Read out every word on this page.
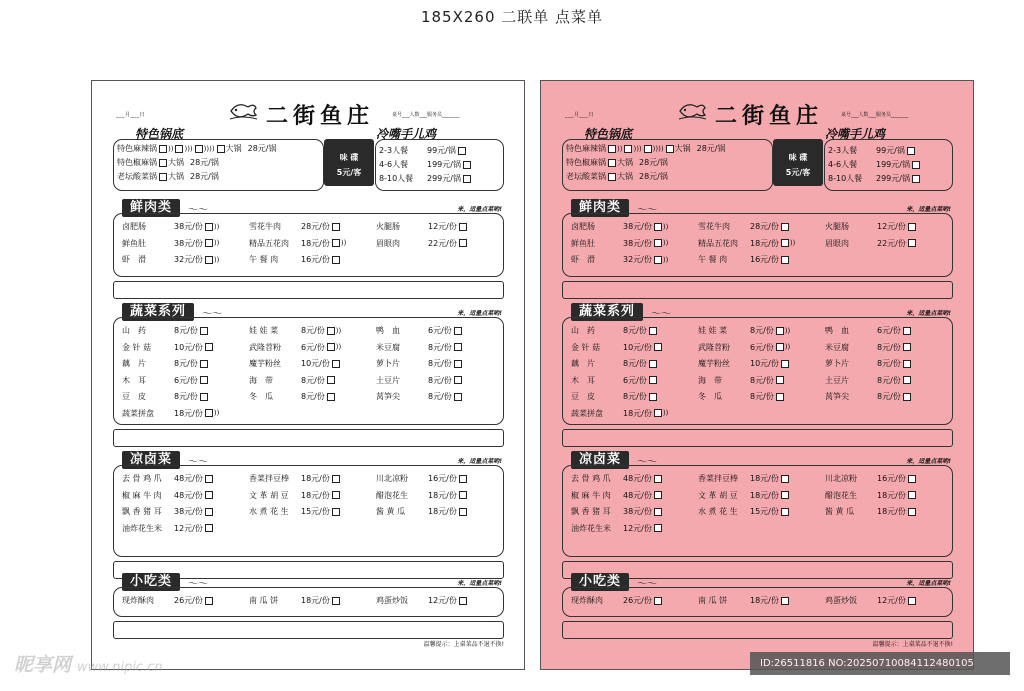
185X260 二联单 点菜单
___月___日	二街鱼庄	桌号___人数___服务员_______
特色锅底	冷嘴手儿鸡
味 碟
5元/客
特色麻辣锅 )) ))) )))) 大锅 28元/锅
特色椒麻锅 大锅 28元/锅
老坛酸菜锅 大锅 28元/锅
2-3人餐	99元/锅
4-6人餐	199元/锅
8-10人餐	299元/锅
鲜肉类	～～	来，适量点菜哟!
卤肥肠	38元/份 ))	雪花牛肉	28元/份	火腿肠	12元/份
鲜鱼肚	38元/份 ))	精品五花肉	18元/份 ))	眉眼肉	22元/份
虾　滑	32元/份 ))	午 餐 肉	16元/份
蔬菜系列	～～	来，适量点菜哟!
山　药	8元/份	娃 娃 菜	8元/份 ))	鸭　血	6元/份
金 针 菇	10元/份	武隆苕粉	6元/份 ))	米豆腐	8元/份
藕　片	8元/份	魔芋粉丝	10元/份	萝卜片	8元/份
木　耳	6元/份	海　带	8元/份	土豆片	8元/份
豆　皮	8元/份	冬　瓜	8元/份	莴笋尖	8元/份
蔬菜拼盘	18元/份 ))
凉卤菜	～～	来，适量点菜哟!
去 骨 鸡 爪	48元/份	香菜拌豆棒	18元/份	川北凉粉	16元/份
椒 麻 牛 肉	48元/份	文 革 胡 豆	18元/份	醋泡花生	18元/份
飘 香 猪 耳	38元/份	水 煮 花 生	15元/份	酱 黄 瓜	18元/份
油炸花生米	12元/份
小吃类	～～	来，适量点菜哟!
现炸酥肉	26元/份	南 瓜 饼	18元/份	鸡蛋炒饭	12元/份
温馨提示：上桌菜品不退不换!
___月___日	二街鱼庄	桌号___人数___服务员_______
特色锅底	冷嘴手儿鸡
味 碟
5元/客
特色麻辣锅 )) ))) )))) 大锅 28元/锅
特色椒麻锅 大锅 28元/锅
老坛酸菜锅 大锅 28元/锅
2-3人餐	99元/锅
4-6人餐	199元/锅
8-10人餐	299元/锅
鲜肉类	～～	来，适量点菜哟!
卤肥肠	38元/份 ))	雪花牛肉	28元/份	火腿肠	12元/份
鲜鱼肚	38元/份 ))	精品五花肉	18元/份 ))	眉眼肉	22元/份
虾　滑	32元/份 ))	午 餐 肉	16元/份
蔬菜系列	～～	来，适量点菜哟!
山　药	8元/份	娃 娃 菜	8元/份 ))	鸭　血	6元/份
金 针 菇	10元/份	武隆苕粉	6元/份 ))	米豆腐	8元/份
藕　片	8元/份	魔芋粉丝	10元/份	萝卜片	8元/份
木　耳	6元/份	海　带	8元/份	土豆片	8元/份
豆　皮	8元/份	冬　瓜	8元/份	莴笋尖	8元/份
蔬菜拼盘	18元/份 ))
凉卤菜	～～	来，适量点菜哟!
去 骨 鸡 爪	48元/份	香菜拌豆棒	18元/份	川北凉粉	16元/份
椒 麻 牛 肉	48元/份	文 革 胡 豆	18元/份	醋泡花生	18元/份
飘 香 猪 耳	38元/份	水 煮 花 生	15元/份	酱 黄 瓜	18元/份
油炸花生米	12元/份
小吃类	～～	来，适量点菜哟!
现炸酥肉	26元/份	南 瓜 饼	18元/份	鸡蛋炒饭	12元/份
温馨提示：上桌菜品不退不换!
昵享网 www.nipic.cn	ID:26511816 NO:20250710084112480105
